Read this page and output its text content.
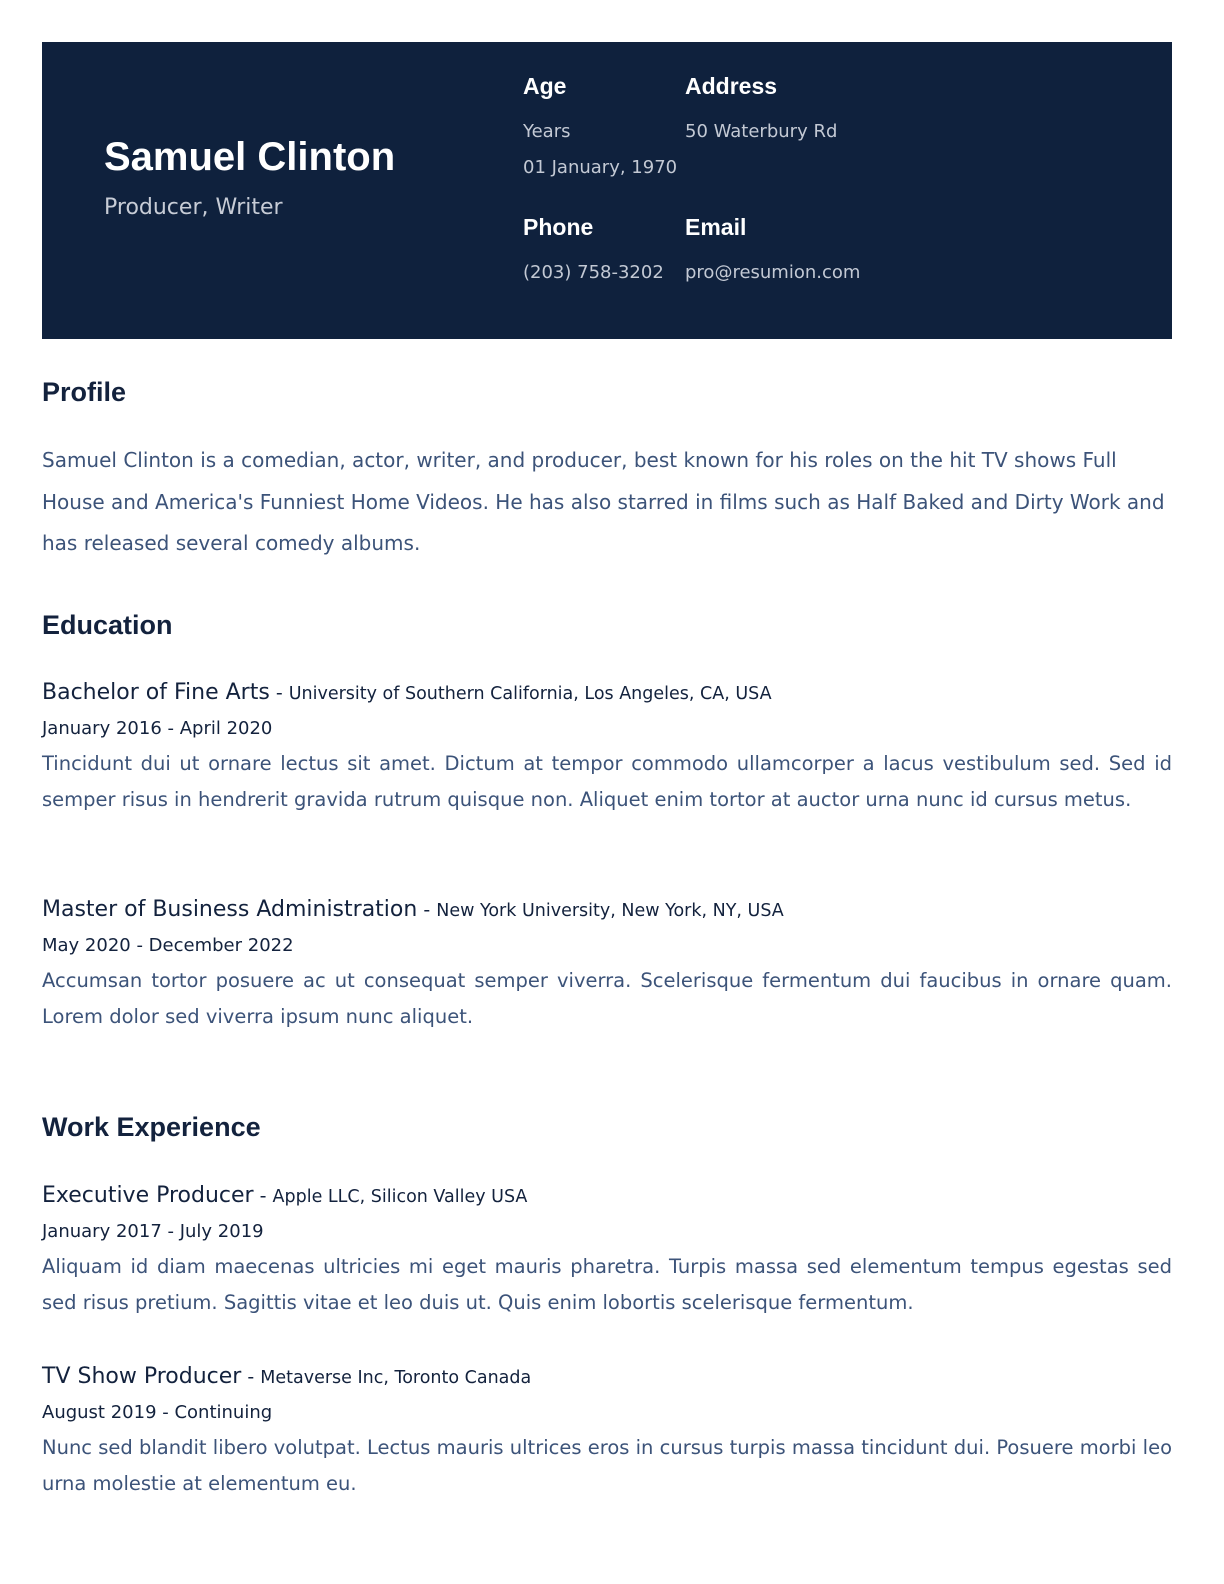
Samuel Clinton
Producer, Writer
Age
Years
01 January, 1970
Address
50 Waterbury Rd
Phone
(203) 758-3202
Email
pro@resumion.com
Profile
Samuel Clinton is a comedian, actor, writer, and producer, best known for his roles on the hit TV shows Full House and America's Funniest Home Videos. He has also starred in films such as Half Baked and Dirty Work and has released several comedy albums.
Education
Bachelor of Fine Arts - University of Southern California, Los Angeles, CA, USA
January 2016 - April 2020
Tincidunt dui ut ornare lectus sit amet. Dictum at tempor commodo ullamcorper a lacus vestibulum sed. Sed id semper risus in hendrerit gravida rutrum quisque non. Aliquet enim tortor at auctor urna nunc id cursus metus.
Master of Business Administration - New York University, New York, NY, USA
May 2020 - December 2022
Accumsan tortor posuere ac ut consequat semper viverra. Scelerisque fermentum dui faucibus in ornare quam. Lorem dolor sed viverra ipsum nunc aliquet.
Work Experience
Executive Producer - Apple LLC, Silicon Valley USA
January 2017 - July 2019
Aliquam id diam maecenas ultricies mi eget mauris pharetra. Turpis massa sed elementum tempus egestas sed sed risus pretium. Sagittis vitae et leo duis ut. Quis enim lobortis scelerisque fermentum.
TV Show Producer - Metaverse Inc, Toronto Canada
August 2019 - Continuing
Nunc sed blandit libero volutpat. Lectus mauris ultrices eros in cursus turpis massa tincidunt dui. Posuere morbi leo urna molestie at elementum eu.
